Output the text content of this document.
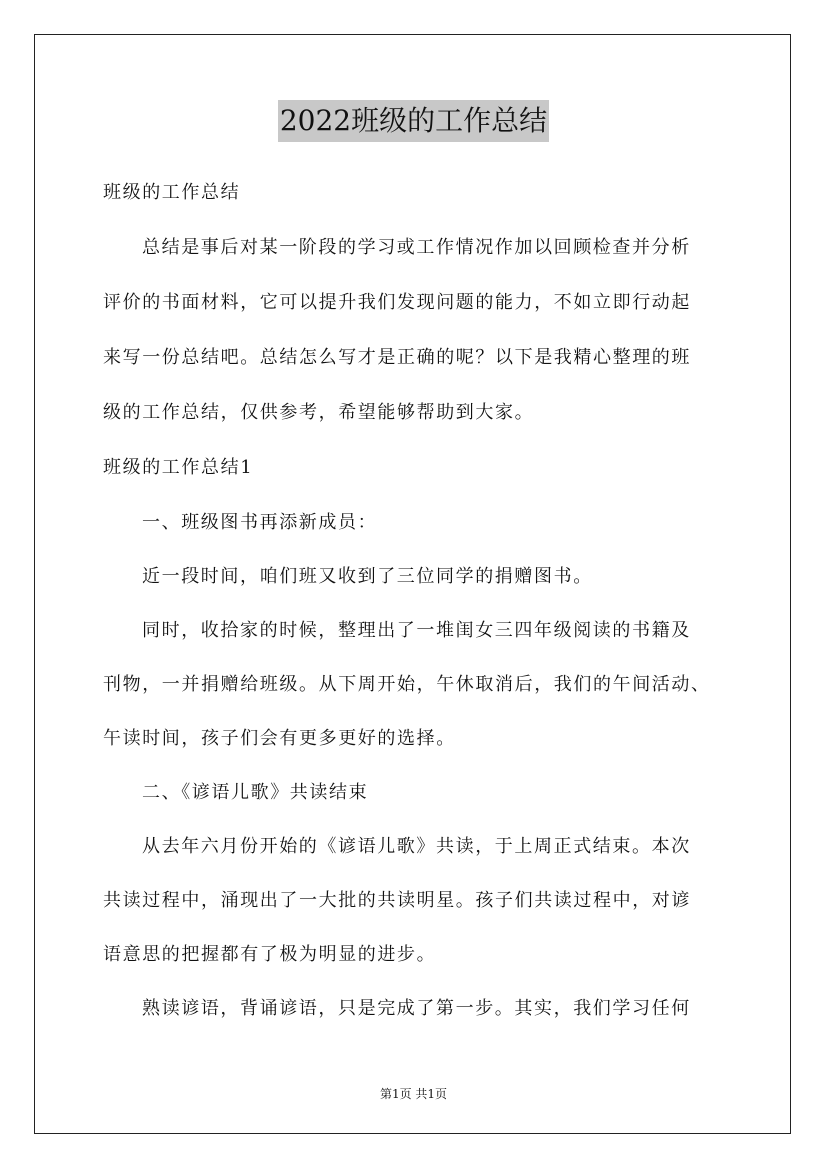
2022班级的工作总结
班级的工作总结
总结是事后对某一阶段的学习或工作情况作加以回顾检查并分析
评价的书面材料，它可以提升我们发现问题的能力，不如立即行动起
来写一份总结吧。总结怎么写才是正确的呢？以下是我精心整理的班
级的工作总结，仅供参考，希望能够帮助到大家。
班级的工作总结1
一、班级图书再添新成员：
近一段时间，咱们班又收到了三位同学的捐赠图书。
同时，收拾家的时候，整理出了一堆闺女三四年级阅读的书籍及
刊物，一并捐赠给班级。从下周开始，午休取消后，我们的午间活动、
午读时间，孩子们会有更多更好的选择。
二、《谚语儿歌》共读结束
从去年六月份开始的《谚语儿歌》共读，于上周正式结束。本次
共读过程中，涌现出了一大批的共读明星。孩子们共读过程中，对谚
语意思的把握都有了极为明显的进步。
熟读谚语，背诵谚语，只是完成了第一步。其实，我们学习任何
第1页 共1页
